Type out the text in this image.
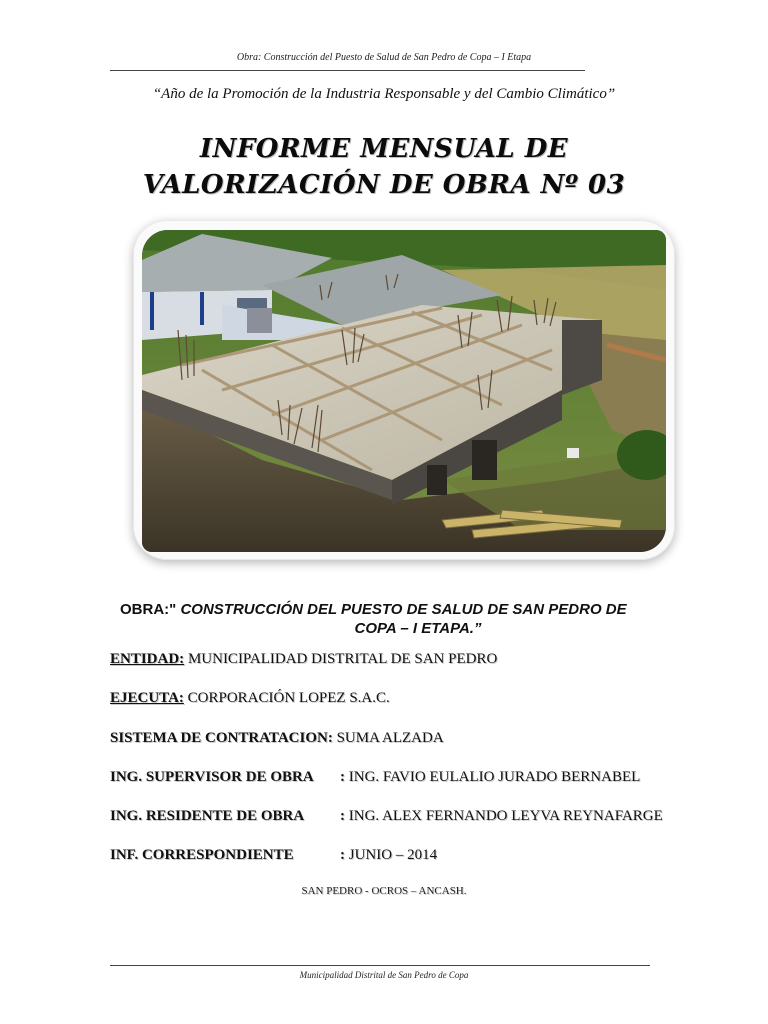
Obra: Construcción del Puesto de Salud de San Pedro de Copa – I Etapa
“Año de la Promoción de la Industria Responsable y del Cambio Climático”
INFORME MENSUAL DE
VALORIZACIÓN DE OBRA Nº 03
OBRA:" CONSTRUCCIÓN DEL PUESTO DE SALUD DE SAN PEDRO DE
COPA – I ETAPA.”
ENTIDAD: MUNICIPALIDAD DISTRITAL DE SAN PEDRO
EJECUTA: CORPORACIÓN LOPEZ S.A.C.
SISTEMA DE CONTRATACION: SUMA ALZADA
ING. SUPERVISOR DE OBRA : ING. FAVIO EULALIO JURADO BERNABEL
ING. RESIDENTE DE OBRA : ING. ALEX FERNANDO LEYVA REYNAFARGE
INF. CORRESPONDIENTE	: JUNIO – 2014
SAN PEDRO - OCROS – ANCASH.
Municipalidad Distrital de San Pedro de Copa
